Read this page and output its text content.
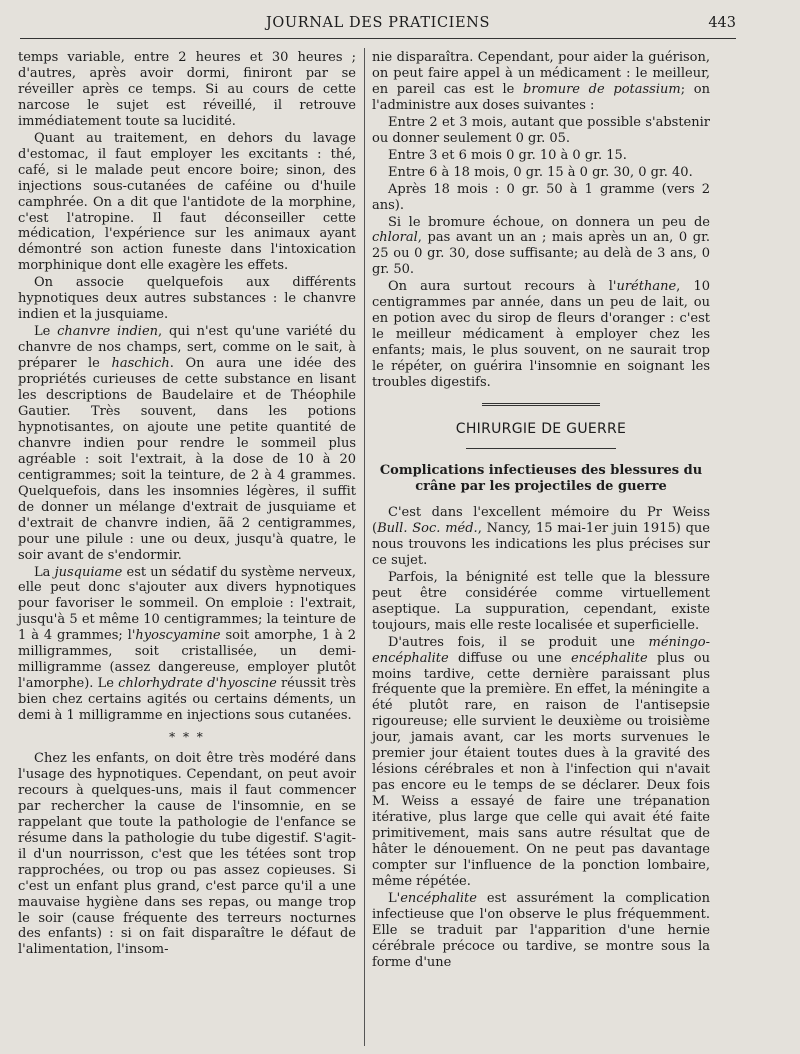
JOURNAL DES PRATICIENS	443

temps variable, entre 2 heures et 30 heures ; d'autres, après avoir dormi, finiront par se réveiller après ce temps. Si au cours de cette narcose le sujet est réveillé, il retrouve immédiatement toute sa lucidité.

Quant au traitement, en dehors du lavage d'estomac, il faut employer les excitants : thé, café, si le malade peut encore boire; sinon, des injections sous-cutanées de caféine ou d'huile camphrée. On a dit que l'antidote de la morphine, c'est l'atropine. Il faut déconseiller cette médication, l'expérience sur les animaux ayant démontré son action funeste dans l'intoxication morphinique dont elle exagère les effets.

On associe quelquefois aux différents hypnotiques deux autres substances : le chanvre indien et la jusquiame.

Le chanvre indien, qui n'est qu'une variété du chanvre de nos champs, sert, comme on le sait, à préparer le haschich. On aura une idée des propriétés curieuses de cette substance en lisant les descriptions de Baudelaire et de Théophile Gautier. Très souvent, dans les potions hypnotisantes, on ajoute une petite quantité de chanvre indien pour rendre le sommeil plus agréable : soit l'extrait, à la dose de 10 à 20 centigrammes; soit la teinture, de 2 à 4 grammes. Quelquefois, dans les insomnies légères, il suffit de donner un mélange d'extrait de jusquiame et d'extrait de chanvre indien, ãã 2 centigrammes, pour une pilule : une ou deux, jusqu'à quatre, le soir avant de s'endormir.

La jusquiame est un sédatif du système nerveux, elle peut donc s'ajouter aux divers hypnotiques pour favoriser le sommeil. On emploie : l'extrait, jusqu'à 5 et même 10 centigrammes; la teinture de 1 à 4 grammes; l'hyoscyamine soit amorphe, 1 à 2 milligrammes, soit cristallisée, un demi-milligramme (assez dangereuse, employer plutôt l'amorphe). Le chlorhydrate d'hyoscine réussit très bien chez certains agités ou certains déments, un demi à 1 milligramme en injections sous cutanées.

* * *

Chez les enfants, on doit être très modéré dans l'usage des hypnotiques. Cependant, on peut avoir recours à quelques-uns, mais il faut commencer par rechercher la cause de l'insomnie, en se rappelant que toute la pathologie de l'enfance se résume dans la pathologie du tube digestif. S'agit-il d'un nourrisson, c'est que les tétées sont trop rapprochées, ou trop ou pas assez copieuses. Si c'est un enfant plus grand, c'est parce qu'il a une mauvaise hygiène dans ses repas, ou mange trop le soir (cause fréquente des terreurs nocturnes des enfants) : si on fait disparaître le défaut de l'alimentation, l'insom-

nie disparaîtra. Cependant, pour aider la guérison, on peut faire appel à un médicament : le meilleur, en pareil cas est le bromure de potassium; on l'administre aux doses suivantes :

Entre 2 et 3 mois, autant que possible s'abstenir ou donner seulement 0 gr. 05.

Entre 3 et 6 mois 0 gr. 10 à 0 gr. 15.

Entre 6 à 18 mois, 0 gr. 15 à 0 gr. 30, 0 gr. 40.

Après 18 mois : 0 gr. 50 à 1 gramme (vers 2 ans).

Si le bromure échoue, on donnera un peu de chloral, pas avant un an ; mais après un an, 0 gr. 25 ou 0 gr. 30, dose suffisante; au delà de 3 ans, 0 gr. 50.

On aura surtout recours à l'uréthane, 10 centigrammes par année, dans un peu de lait, ou en potion avec du sirop de fleurs d'oranger : c'est le meilleur médicament à employer chez les enfants; mais, le plus souvent, on ne saurait trop le répéter, on guérira l'insomnie en soignant les troubles digestifs.

CHIRURGIE DE GUERRE
Complications infectieuses des blessures du crâne par les projectiles de guerre

C'est dans l'excellent mémoire du Pr Weiss (Bull. Soc. méd., Nancy, 15 mai-1er juin 1915) que nous trouvons les indications les plus précises sur ce sujet.

Parfois, la bénignité est telle que la blessure peut être considérée comme virtuellement aseptique. La suppuration, cependant, existe toujours, mais elle reste localisée et superficielle.

D'autres fois, il se produit une méningo-encéphalite diffuse ou une encéphalite plus ou moins tardive, cette dernière paraissant plus fréquente que la première. En effet, la méningite a été plutôt rare, en raison de l'antisepsie rigoureuse; elle survient le deuxième ou troisième jour, jamais avant, car les morts survenues le premier jour étaient toutes dues à la gravité des lésions cérébrales et non à l'infection qui n'avait pas encore eu le temps de se déclarer. Deux fois M. Weiss a essayé de faire une trépanation itérative, plus large que celle qui avait été faite primitivement, mais sans autre résultat que de hâter le dénouement. On ne peut pas davantage compter sur l'influence de la ponction lombaire, même répétée.

L'encéphalite est assurément la complication infectieuse que l'on observe le plus fréquemment. Elle se traduit par l'apparition d'une hernie cérébrale précoce ou tardive, se montre sous la forme d'une
